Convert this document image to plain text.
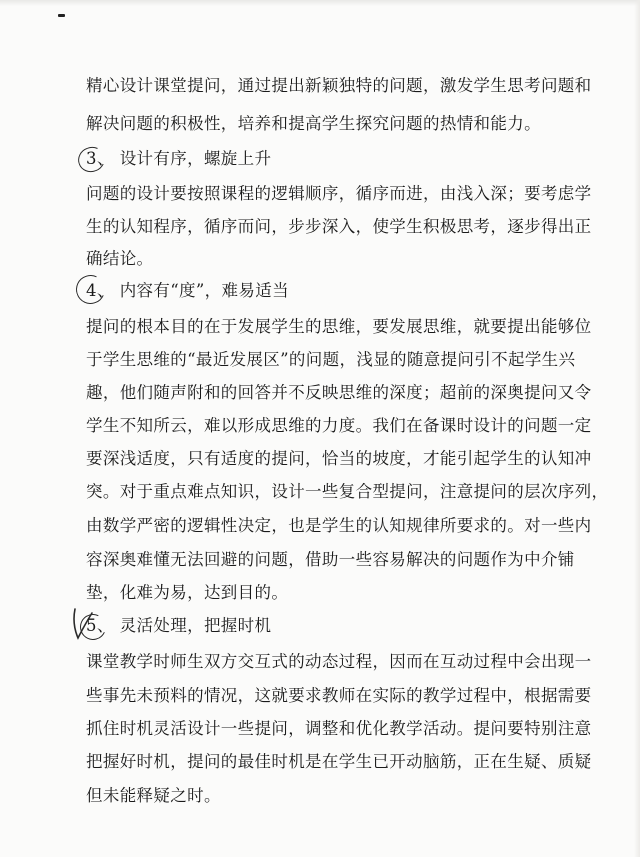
精心设计课堂提问，通过提出新颖独特的问题，激发学生思考问题和
解决问题的积极性，培养和提高学生探究问题的热情和能力。
3、 设计有序，螺旋上升
问题的设计要按照课程的逻辑顺序，循序而进，由浅入深；要考虑学
生的认知程序，循序而问，步步深入，使学生积极思考，逐步得出正
确结论。
4、 内容有“度”，难易适当
提问的根本目的在于发展学生的思维，要发展思维，就要提出能够位
于学生思维的“最近发展区”的问题，浅显的随意提问引不起学生兴
趣，他们随声附和的回答并不反映思维的深度；超前的深奥提问又令
学生不知所云，难以形成思维的力度。我们在备课时设计的问题一定
要深浅适度，只有适度的提问，恰当的坡度，才能引起学生的认知冲
突。对于重点难点知识，设计一些复合型提问，注意提问的层次序列，
由数学严密的逻辑性决定，也是学生的认知规律所要求的。对一些内
容深奥难懂无法回避的问题，借助一些容易解决的问题作为中介铺
垫，化难为易，达到目的。
5、 灵活处理，把握时机
课堂教学时师生双方交互式的动态过程，因而在互动过程中会出现一
些事先未预料的情况，这就要求教师在实际的教学过程中，根据需要
抓住时机灵活设计一些提问，调整和优化教学活动。提问要特别注意
把握好时机，提问的最佳时机是在学生已开动脑筋，正在生疑、质疑
但未能释疑之时。
